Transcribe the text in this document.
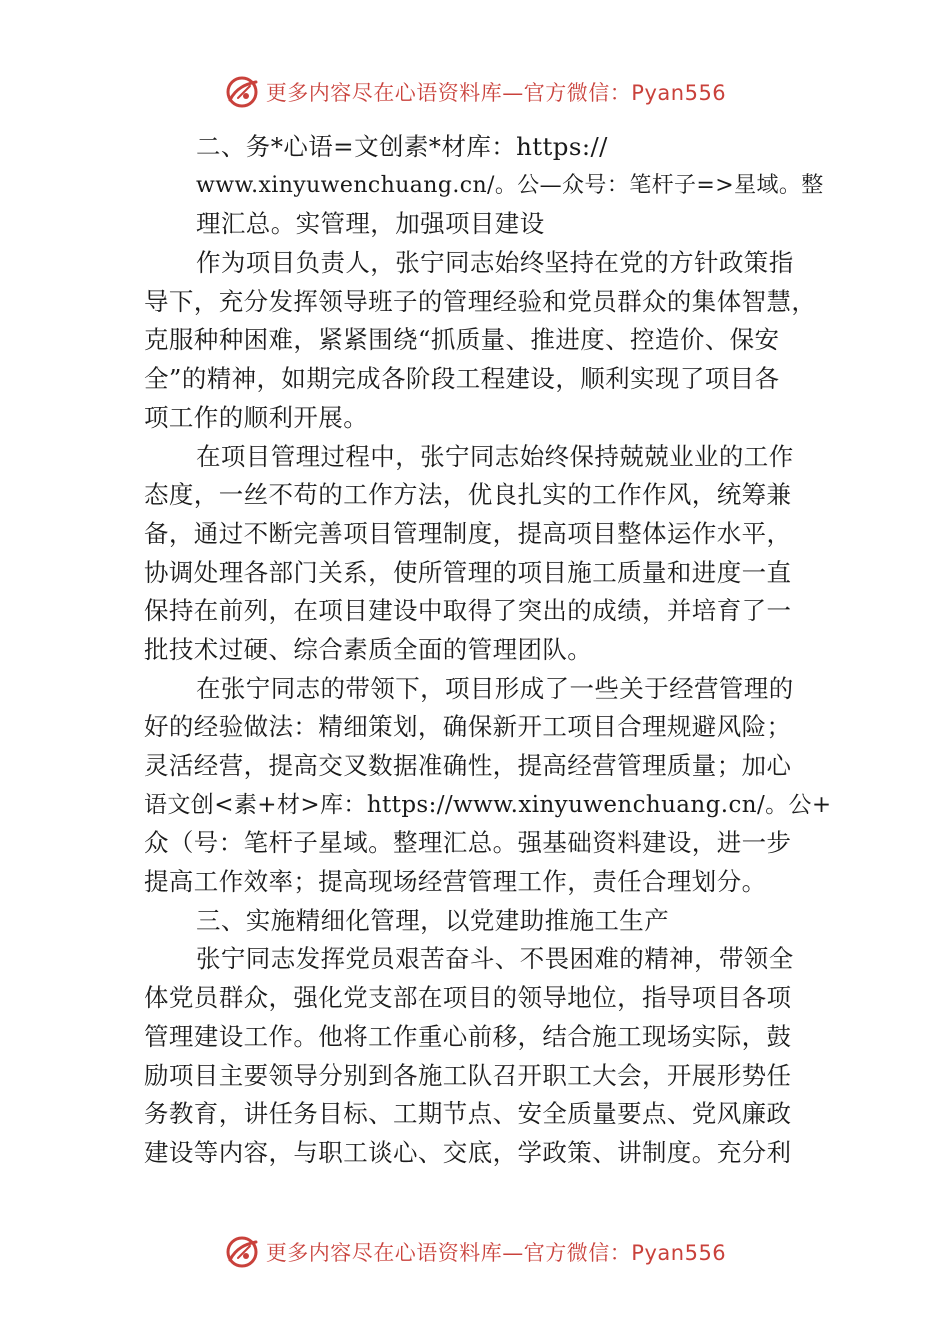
更多内容尽在心语资料库—官方微信：Pyan556
二、务*心语=文创素*材库：https://
www.xinyuwenchuang.cn/。公—众号：笔杆子=>星域。整
理汇总。实管理，加强项目建设
作为项目负责人，张宁同志始终坚持在党的方针政策指
导下，充分发挥领导班子的管理经验和党员群众的集体智慧，
克服种种困难，紧紧围绕“抓质量、推进度、控造价、保安
全”的精神，如期完成各阶段工程建设，顺利实现了项目各
项工作的顺利开展。
在项目管理过程中，张宁同志始终保持兢兢业业的工作
态度，一丝不苟的工作方法，优良扎实的工作作风，统筹兼
备，通过不断完善项目管理制度，提高项目整体运作水平，
协调处理各部门关系，使所管理的项目施工质量和进度一直
保持在前列，在项目建设中取得了突出的成绩，并培育了一
批技术过硬、综合素质全面的管理团队。
在张宁同志的带领下，项目形成了一些关于经营管理的
好的经验做法：精细策划，确保新开工项目合理规避风险；
灵活经营，提高交叉数据准确性，提高经营管理质量；加心
语文创<素+材>库：https://www.xinyuwenchuang.cn/。公+
众（号：笔杆子星域。整理汇总。强基础资料建设，进一步
提高工作效率；提高现场经营管理工作，责任合理划分。
三、实施精细化管理，以党建助推施工生产
张宁同志发挥党员艰苦奋斗、不畏困难的精神，带领全
体党员群众，强化党支部在项目的领导地位，指导项目各项
管理建设工作。他将工作重心前移，结合施工现场实际，鼓
励项目主要领导分别到各施工队召开职工大会，开展形势任
务教育，讲任务目标、工期节点、安全质量要点、党风廉政
建设等内容，与职工谈心、交底，学政策、讲制度。充分利
更多内容尽在心语资料库—官方微信：Pyan556
